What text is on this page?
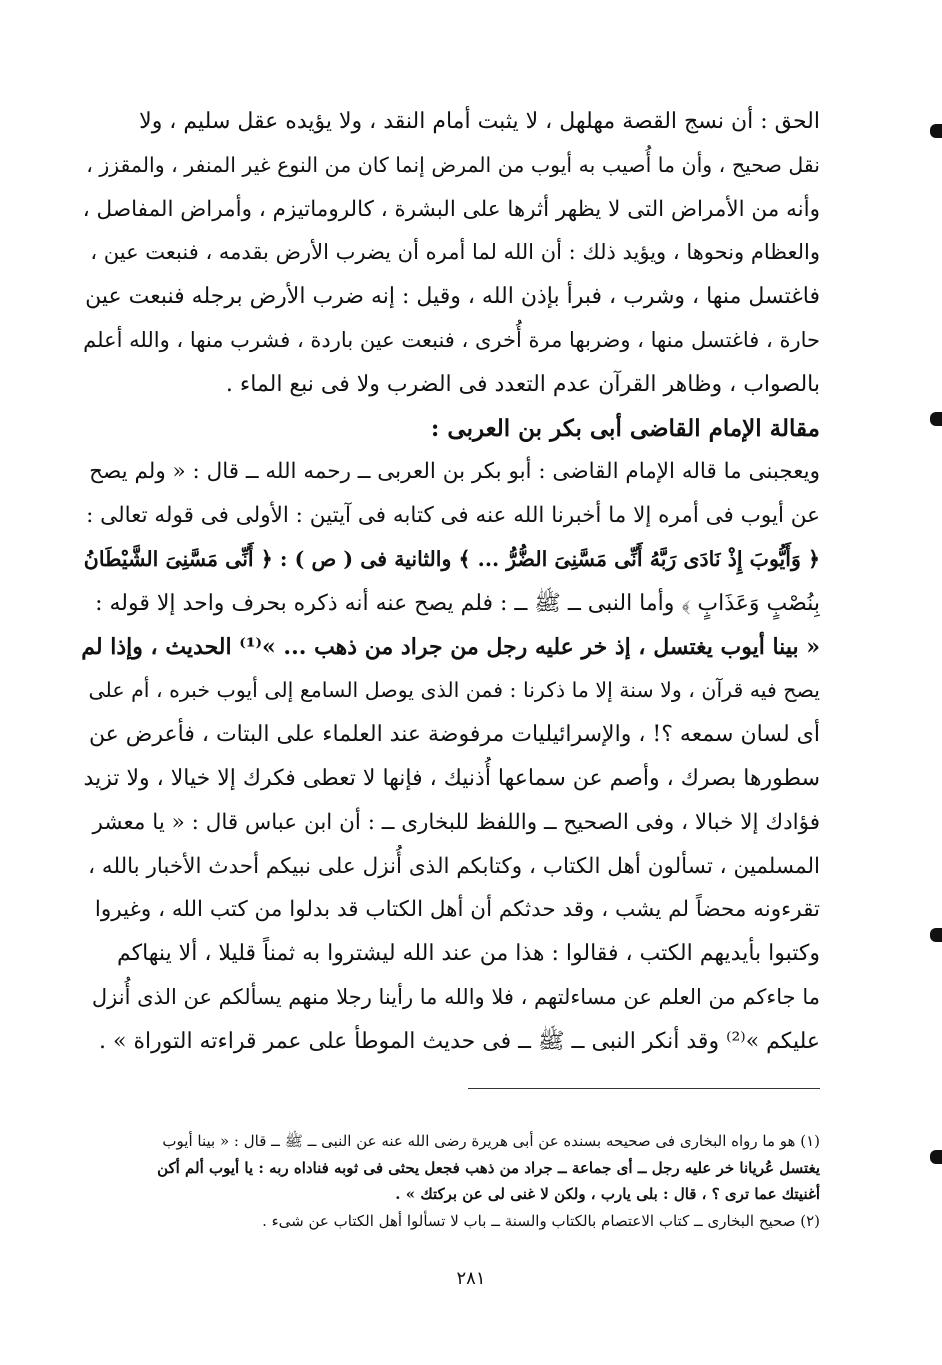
الحق : أن نسج القصة مهلهل ، لا يثبت أمام النقد ، ولا يؤيده عقل سليم ، ولا
نقل صحيح ، وأن ما أُصيب به أيوب من المرض إنما كان من النوع غير المنفر ، والمقزز ،
وأنه من الأمراض التى لا يظهر أثرها على البشرة ، كالروماتيزم ، وأمراض المفاصل ،
والعظام ونحوها ، ويؤيد ذلك : أن الله لما أمره أن يضرب الأرض بقدمه ، فنبعت عين ،
فاغتسل منها ، وشرب ، فبرأ بإذن الله ، وقيل : إنه ضرب الأرض برجله فنبعت عين
حارة ، فاغتسل منها ، وضربها مرة أُخرى ، فنبعت عين باردة ، فشرب منها ، والله أعلم
بالصواب ، وظاهر القرآن عدم التعدد فى الضرب ولا فى نبع الماء .
مقالة الإمام القاضى أبى بكر بن العربى :
ويعجبنى ما قاله الإمام القاضى : أبو بكر بن العربى ــ رحمه الله ــ قال : « ولم يصح
عن أيوب فى أمره إلا ما أخبرنا الله عنه فى كتابه فى آيتين : الأولى فى قوله تعالى :
﴿ وَأَيُّوبَ إِذْ نَادَى رَبَّهُ أَنِّى مَسَّنِىَ الضُّرُّ ... ﴾ والثانية فى ( ص ) : ﴿ أَنِّى مَسَّنِىَ الشَّيْطَانُ
بِنُصْبٍ وَعَذَابٍ ﴾ وأما النبى ــ ﷺ ــ : فلم يصح عنه أنه ذكره بحرف واحد إلا قوله :
« بينا أيوب يغتسل ، إذ خر عليه رجل من جراد من ذهب ... »⁽¹⁾ الحديث ، وإذا لم
يصح فيه قرآن ، ولا سنة إلا ما ذكرنا : فمن الذى يوصل السامع إلى أيوب خبره ، أم على
أى لسان سمعه ؟! ، والإسرائيليات مرفوضة عند العلماء على البتات ، فأعرض عن
سطورها بصرك ، وأصم عن سماعها أُذنيك ، فإنها لا تعطى فكرك إلا خيالا ، ولا تزيد
فؤادك إلا خبالا ، وفى الصحيح ــ واللفظ للبخارى ــ : أن ابن عباس قال : « يا معشر
المسلمين ، تسألون أهل الكتاب ، وكتابكم الذى أُنزل على نبيكم أحدث الأخبار بالله ،
تقرءونه محضاً لم يشب ، وقد حدثكم أن أهل الكتاب قد بدلوا من كتب الله ، وغيروا
وكتبوا بأيديهم الكتب ، فقالوا : هذا من عند الله ليشتروا به ثمناً قليلا ، ألا ينهاكم
ما جاءكم من العلم عن مساءلتهم ، فلا والله ما رأينا رجلا منهم يسألكم عن الذى أُنزل
عليكم »⁽²⁾ وقد أنكر النبى ــ ﷺ ــ فى حديث الموطأ على عمر قراءته التوراة » .
(١) هو ما رواه البخارى فى صحيحه بسنده عن أبى هريرة رضى الله عنه عن النبى ــ ﷺ ــ قال : « بينا أيوب
يغتسل عُريانا خر عليه رجل ــ أى جماعة ــ جراد من ذهب فجعل يحثى فى ثوبه فناداه ربه : يا أيوب ألم أكن
أغنيتك عما ترى ؟ ، قال : بلى يارب ، ولكن لا غنى لى عن بركتك » .
(٢) صحيح البخارى ــ كتاب الاعتصام بالكتاب والسنة ــ باب لا تسألوا أهل الكتاب عن شىء .
٢٨١
